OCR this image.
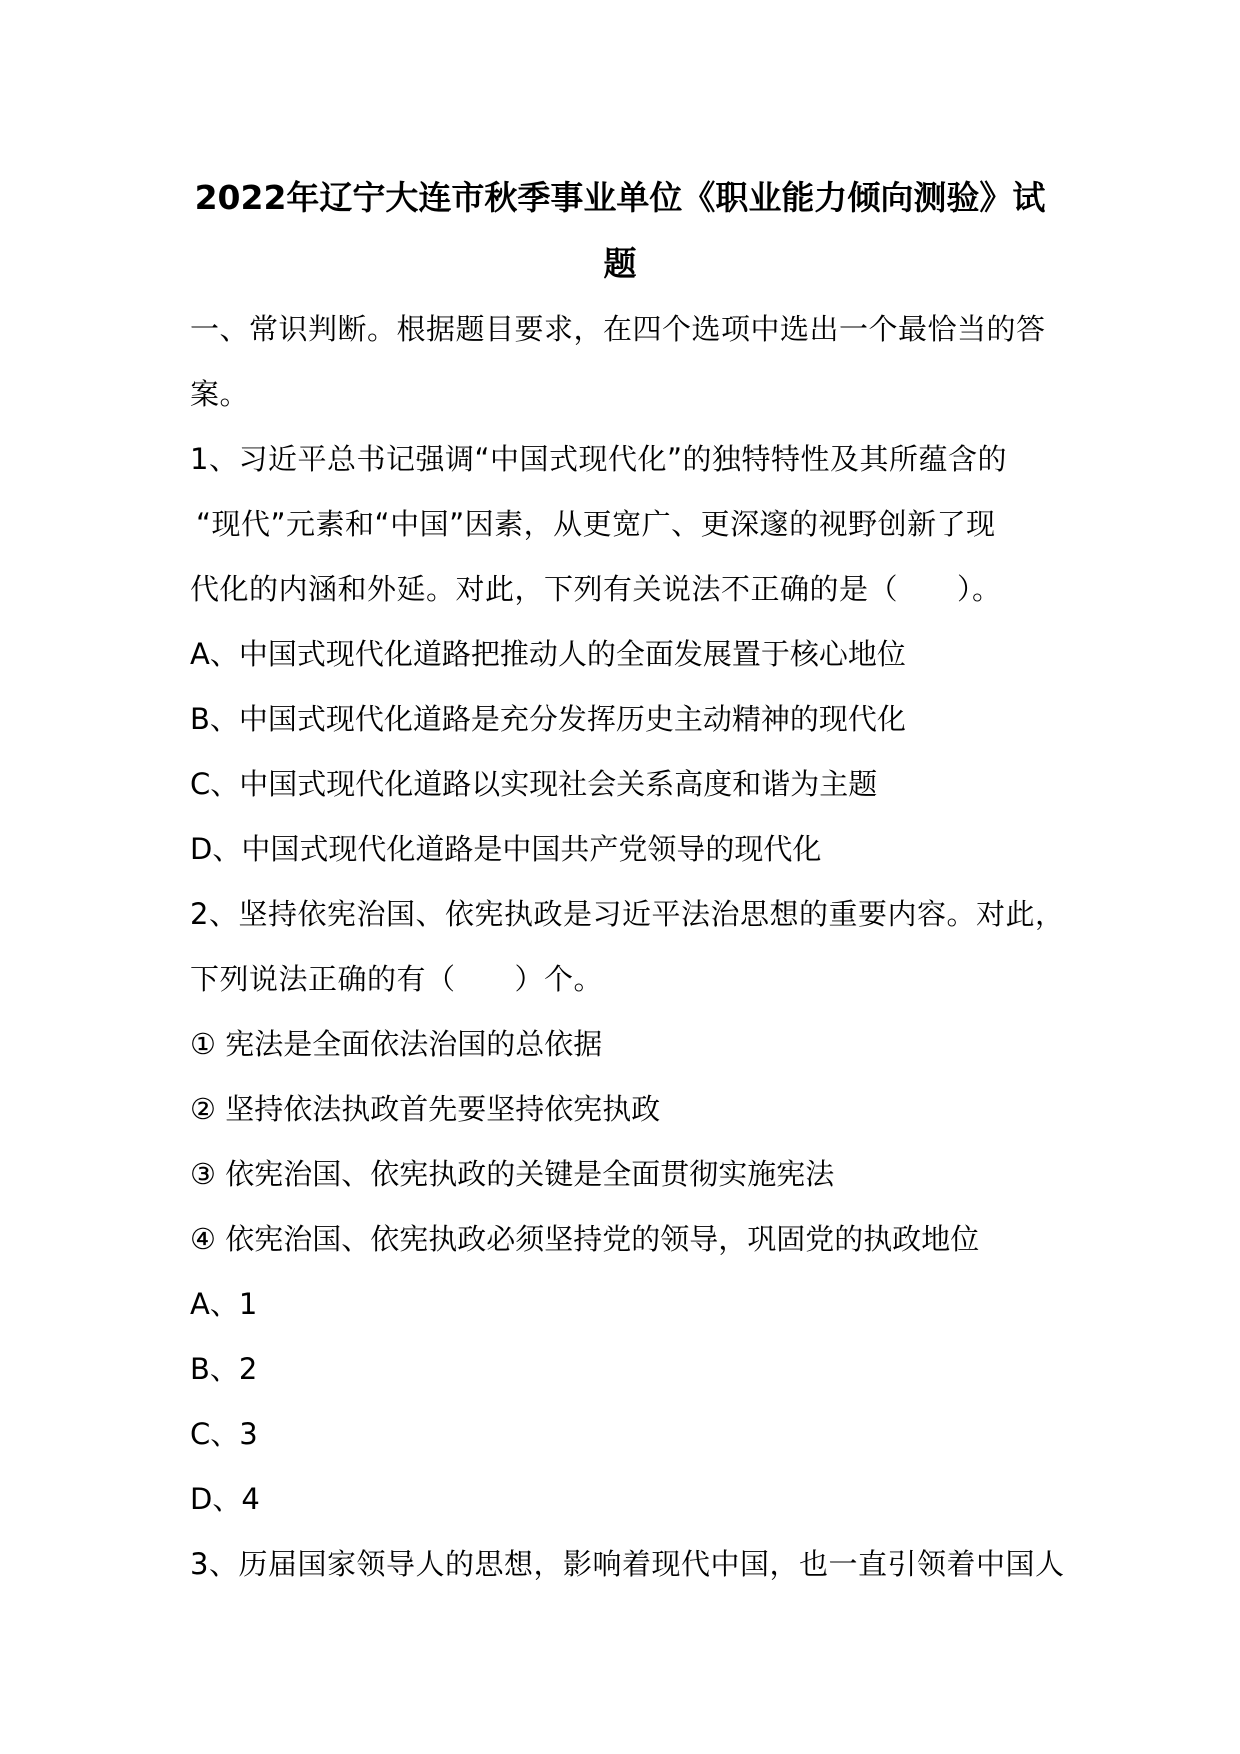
2022年辽宁大连市秋季事业单位《职业能力倾向测验》试
题
一、常识判断。根据题目要求，在四个选项中选出一个最恰当的答
案。
1、习近平总书记强调“中国式现代化”的独特特性及其所蕴含的
“现代”元素和“中国”因素，从更宽广、更深邃的视野创新了现
代化的内涵和外延。对此，下列有关说法不正确的是（　　）。
A、中国式现代化道路把推动人的全面发展置于核心地位
B、中国式现代化道路是充分发挥历史主动精神的现代化
C、中国式现代化道路以实现社会关系高度和谐为主题
D、中国式现代化道路是中国共产党领导的现代化
2、坚持依宪治国、依宪执政是习近平法治思想的重要内容。对此，
下列说法正确的有（　　）个。
① 宪法是全面依法治国的总依据
② 坚持依法执政首先要坚持依宪执政
③ 依宪治国、依宪执政的关键是全面贯彻实施宪法
④ 依宪治国、依宪执政必须坚持党的领导，巩固党的执政地位
A、1
B、2
C、3
D、4
3、历届国家领导人的思想，影响着现代中国，也一直引领着中国人
